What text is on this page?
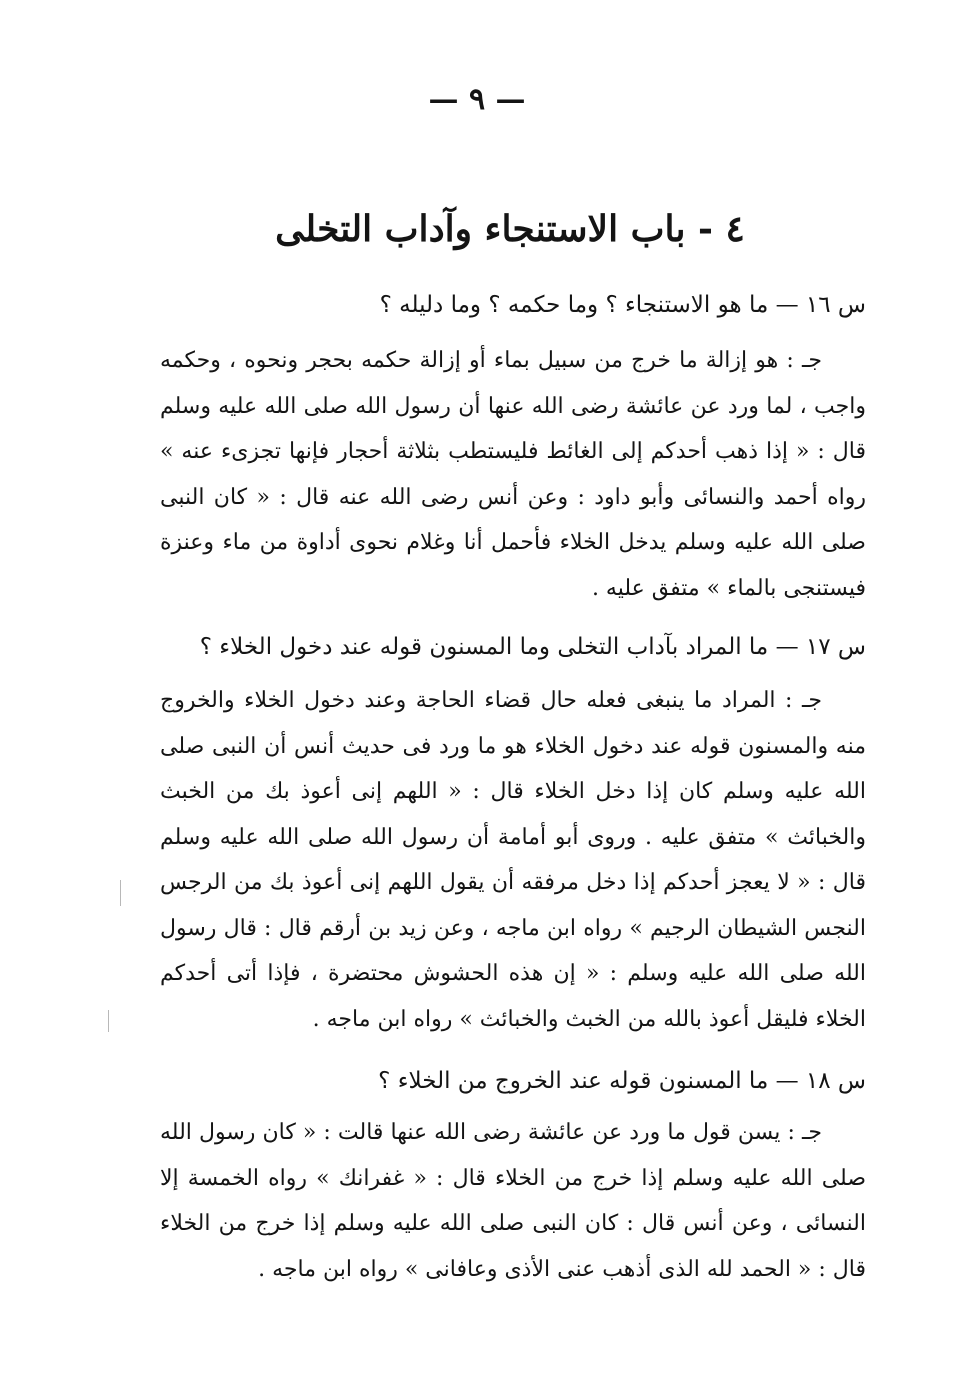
— ٩ —
٤ - باب الاستنجاء وآداب التخلى
س ١٦ — ما هو الاستنجاء ؟ وما حكمه ؟ وما دليله ؟

جـ : هو إزالة ما خرج من سبيل بماء أو إزالة حكمه بحجر ونحوه ، وحكمه واجب ، لما ورد عن عائشة رضى الله عنها أن رسول الله صلى الله عليه وسلم قال : « إذا ذهب أحدكم إلى الغائط فليستطب بثلاثة أحجار فإنها تجزىء عنه » رواه أحمد والنسائى وأبو داود : وعن أنس رضى الله عنه قال : « كان النبى صلى الله عليه وسلم يدخل الخلاء فأحمل أنا وغلام نحوى أداوة من ماء وعنزة فيستنجى بالماء » متفق عليه .

س ١٧ — ما المراد بآداب التخلى وما المسنون قوله عند دخول الخلاء ؟

جـ : المراد ما ينبغى فعله حال قضاء الحاجة وعند دخول الخلاء والخروج منه والمسنون قوله عند دخول الخلاء هو ما ورد فى حديث أنس أن النبى صلى الله عليه وسلم كان إذا دخل الخلاء قال : « اللهم إنى أعوذ بك من الخبث والخبائث » متفق عليه . وروى أبو أمامة أن رسول الله صلى الله عليه وسلم قال : « لا يعجز أحدكم إذا دخل مرفقه أن يقول اللهم إنى أعوذ بك من الرجس النجس الشيطان الرجيم » رواه ابن ماجه ، وعن زيد بن أرقم قال : قال رسول الله صلى الله عليه وسلم : « إن هذه الحشوش محتضرة ، فإذا أتى أحدكم الخلاء فليقل أعوذ بالله من الخبث والخبائث » رواه ابن ماجه .

س ١٨ — ما المسنون قوله عند الخروج من الخلاء ؟

جـ : يسن قول ما ورد عن عائشة رضى الله عنها قالت : « كان رسول الله صلى الله عليه وسلم إذا خرج من الخلاء قال : « غفرانك » رواه الخمسة إلا النسائى ، وعن أنس قال : كان النبى صلى الله عليه وسلم إذا خرج من الخلاء قال : « الحمد لله الذى أذهب عنى الأذى وعافانى » رواه ابن ماجه .
